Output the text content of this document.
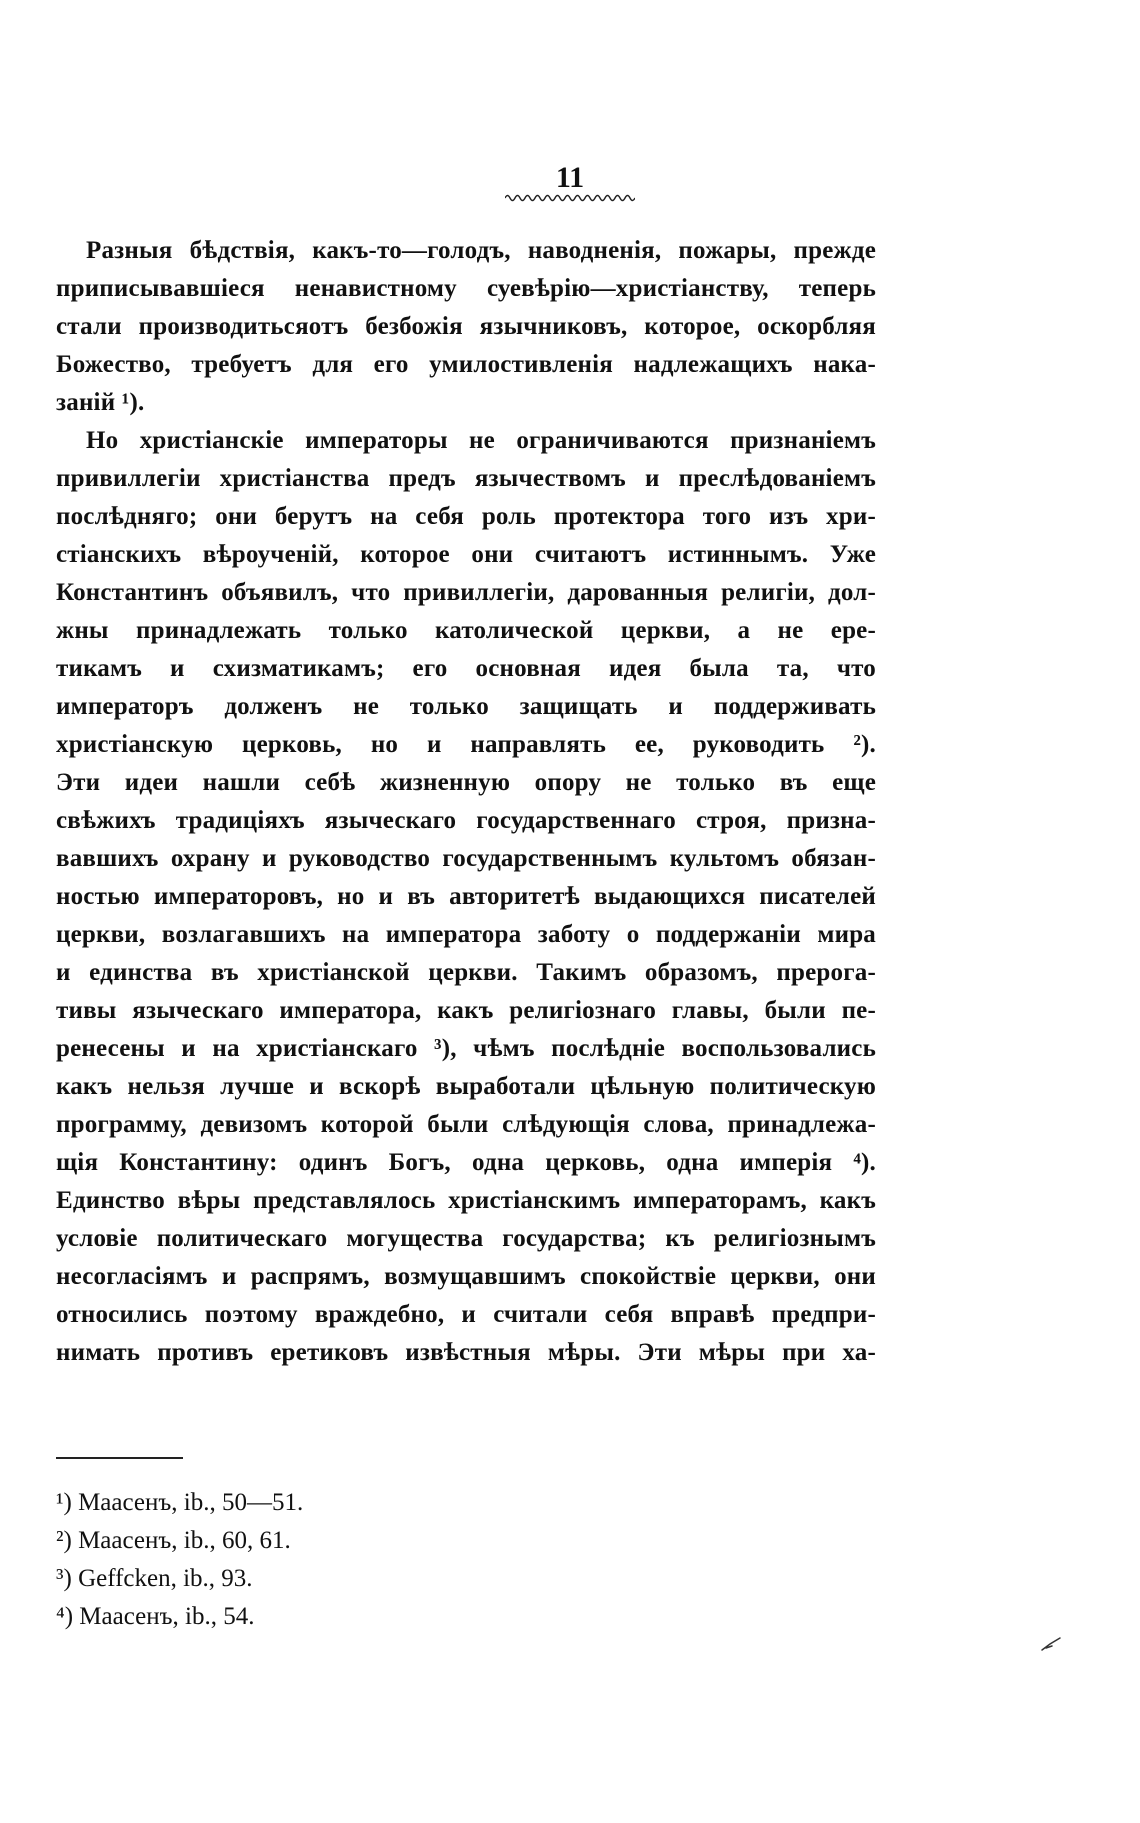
11
Разныя бѣдствія, какъ-то—голодъ, наводненія, пожары, прежде
приписывавшіеся ненавистному суевѣрію—христіанству, теперь
стали производитьсяотъ безбожія язычниковъ, которое, оскорбляя
Божество, требуетъ для его умилостивленія надлежащихъ нака-
заній ¹).
Но христіанскіе императоры не ограничиваются признаніемъ
привиллегіи христіанства предъ язычествомъ и преслѣдованіемъ
послѣдняго; они берутъ на себя роль протектора того изъ хри-
стіанскихъ вѣроученій, которое они считаютъ истиннымъ. Уже
Константинъ объявилъ, что привиллегіи, дарованныя религіи, дол-
жны принадлежать только католической церкви, а не ере-
тикамъ и схизматикамъ; его основная идея была та, что
императоръ долженъ не только защищать и поддерживать
христіанскую церковь, но и направлять ее, руководить ²).
Эти идеи нашли себѣ жизненную опору не только въ еще
свѣжихъ традиціяхъ языческаго государственнаго строя, призна-
вавшихъ охрану и руководство государственнымъ культомъ обязан-
ностью императоровъ, но и въ авторитетѣ выдающихся писателей
церкви, возлагавшихъ на императора заботу о поддержаніи мира
и единства въ христіанской церкви. Такимъ образомъ, прерога-
тивы языческаго императора, какъ религіознаго главы, были пе-
ренесены и на христіанскаго ³), чѣмъ послѣдніе воспользовались
какъ нельзя лучше и вскорѣ выработали цѣльную политическую
программу, девизомъ которой были слѣдующія слова, принадлежа-
щія Константину: одинъ Богъ, одна церковь, одна имперія ⁴).
Единство вѣры представлялось христіанскимъ императорамъ, какъ
условіе политическаго могущества государства; къ религіознымъ
несогласіямъ и распрямъ, возмущавшимъ спокойствіе церкви, они
относились поэтому враждебно, и считали себя вправѣ предпри-
нимать противъ еретиковъ извѣстныя мѣры. Эти мѣры при ха-
¹) Маасенъ, ib., 50—51.
²) Маасенъ, ib., 60, 61.
³) Geffcken, ib., 93.
⁴) Маасенъ, ib., 54.
